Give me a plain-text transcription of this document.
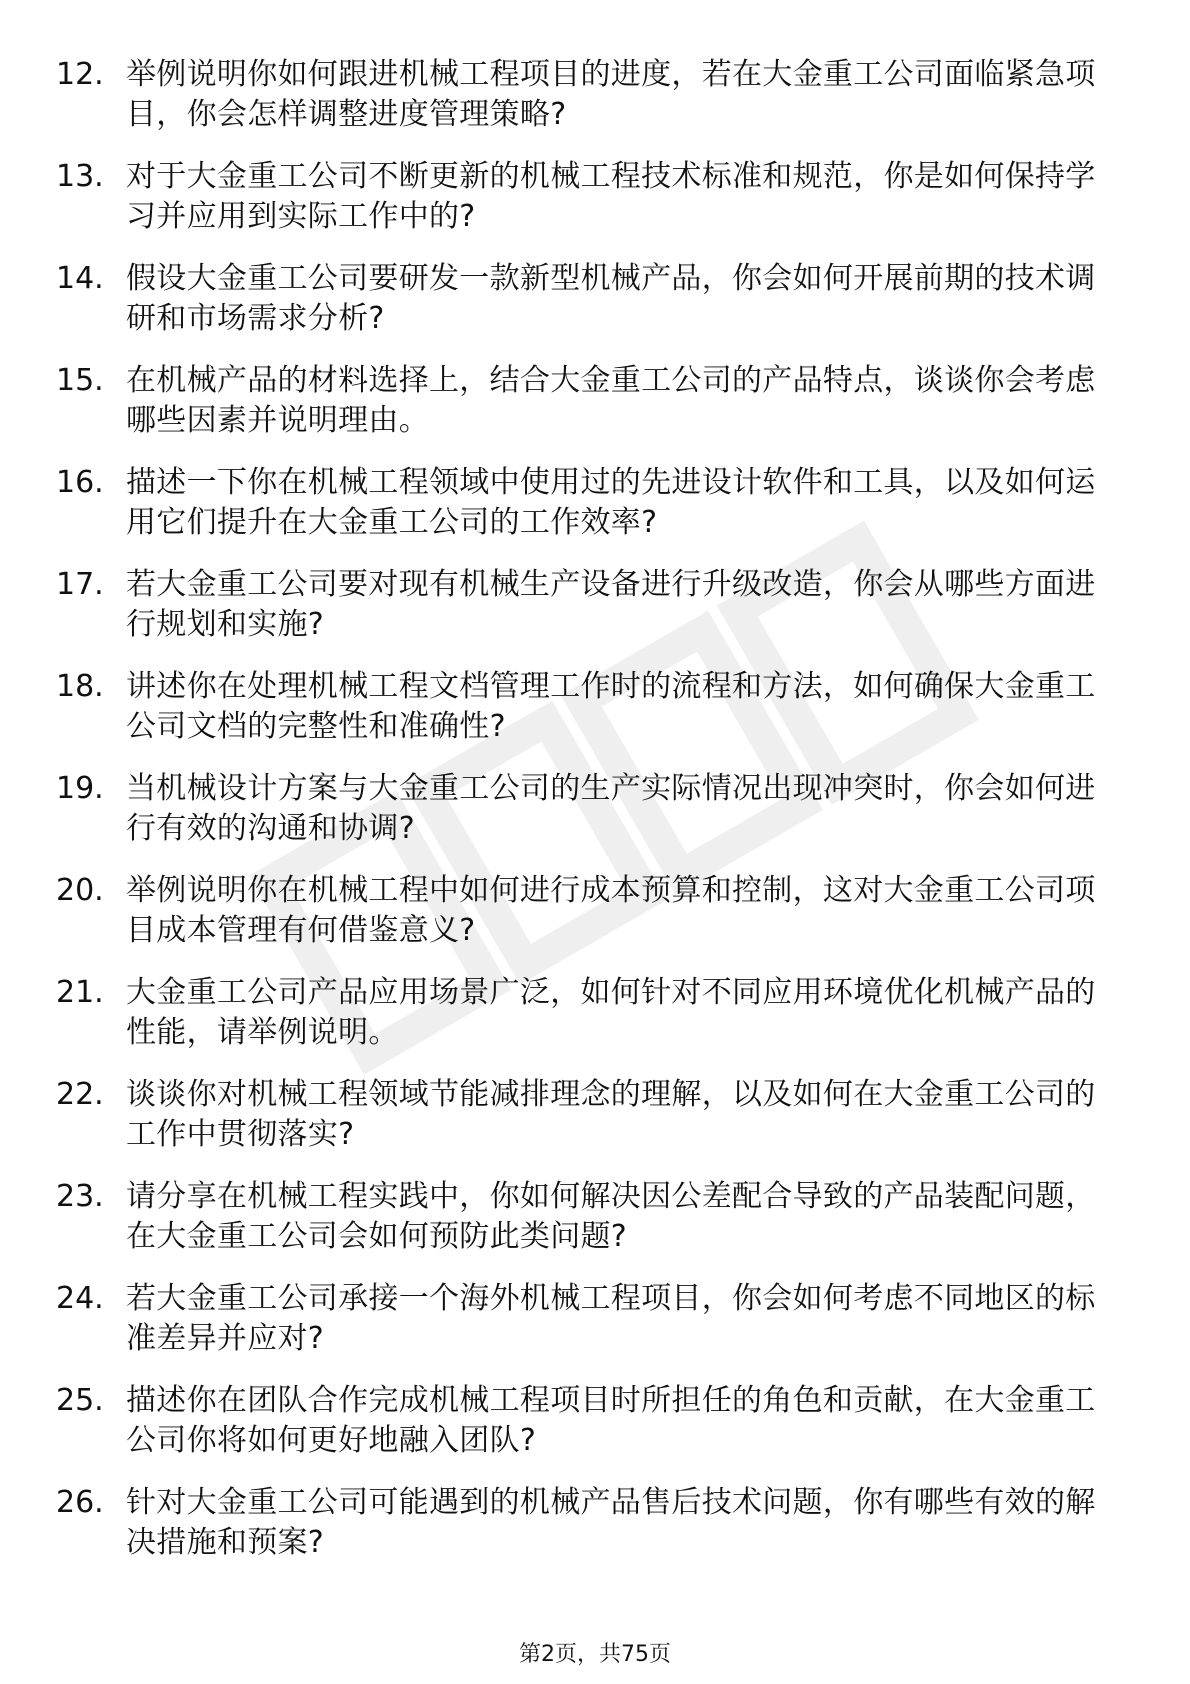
12. 举例说明你如何跟进机械工程项目的进度，若在大金重工公司面临紧急项目，你会怎样调整进度管理策略?
13. 对于大金重工公司不断更新的机械工程技术标准和规范，你是如何保持学习并应用到实际工作中的?
14. 假设大金重工公司要研发一款新型机械产品，你会如何开展前期的技术调研和市场需求分析?
15. 在机械产品的材料选择上，结合大金重工公司的产品特点，谈谈你会考虑哪些因素并说明理由。
16. 描述一下你在机械工程领域中使用过的先进设计软件和工具，以及如何运用它们提升在大金重工公司的工作效率?
17. 若大金重工公司要对现有机械生产设备进行升级改造，你会从哪些方面进行规划和实施?
18. 讲述你在处理机械工程文档管理工作时的流程和方法，如何确保大金重工公司文档的完整性和准确性?
19. 当机械设计方案与大金重工公司的生产实际情况出现冲突时，你会如何进行有效的沟通和协调?
20. 举例说明你在机械工程中如何进行成本预算和控制，这对大金重工公司项目成本管理有何借鉴意义?
21. 大金重工公司产品应用场景广泛，如何针对不同应用环境优化机械产品的性能，请举例说明。
22. 谈谈你对机械工程领域节能减排理念的理解，以及如何在大金重工公司的工作中贯彻落实?
23. 请分享在机械工程实践中，你如何解决因公差配合导致的产品装配问题，在大金重工公司会如何预防此类问题?
24. 若大金重工公司承接一个海外机械工程项目，你会如何考虑不同地区的标准差异并应对?
25. 描述你在团队合作完成机械工程项目时所担任的角色和贡献，在大金重工公司你将如何更好地融入团队?
26. 针对大金重工公司可能遇到的机械产品售后技术问题，你有哪些有效的解决措施和预案?
第2页，共75页
